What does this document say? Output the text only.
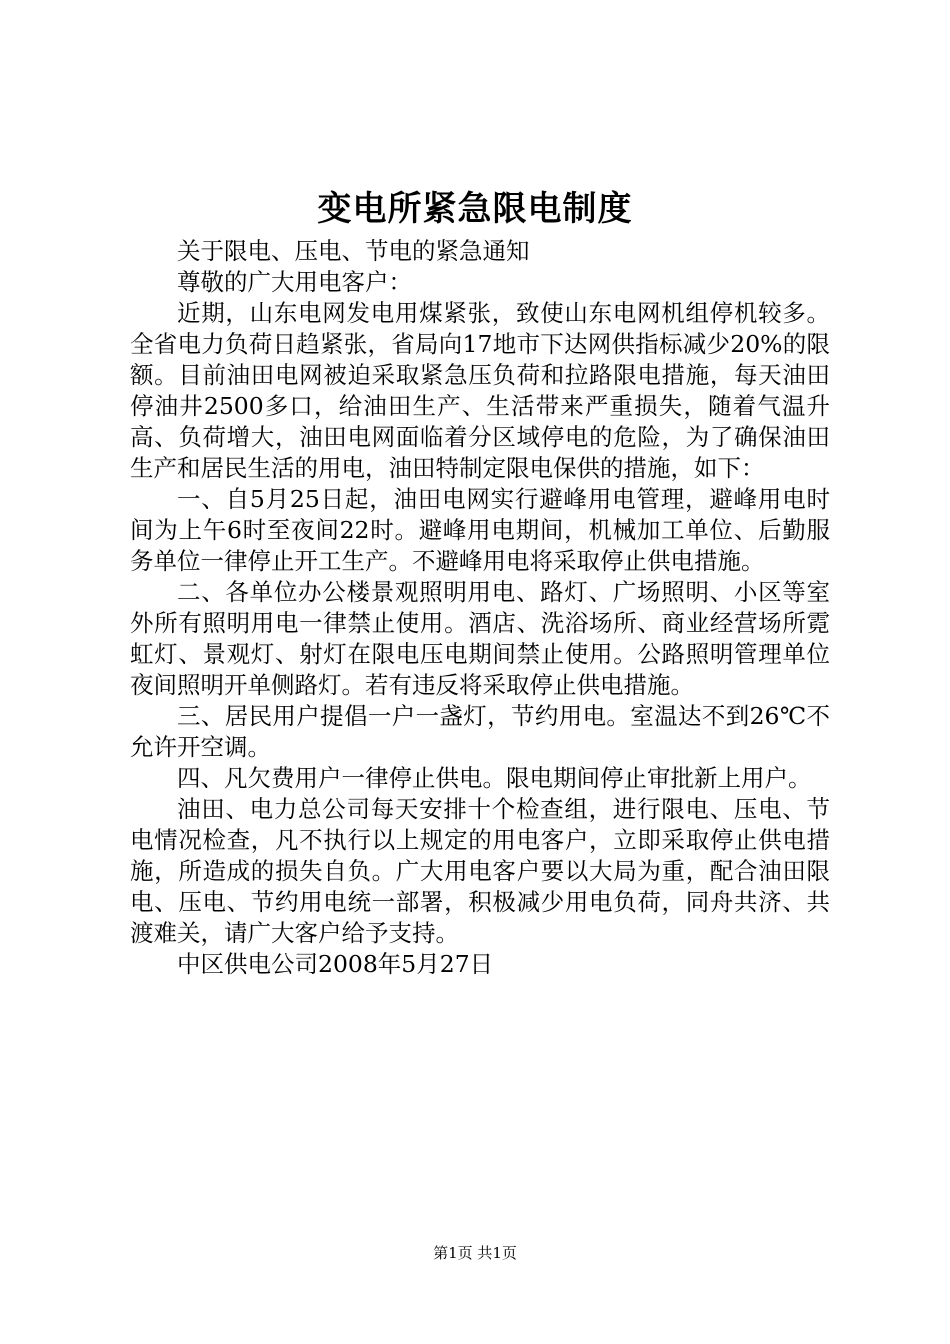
变电所紧急限电制度

关于限电、压电、节电的紧急通知

尊敬的广大用电客户：

近期，山东电网发电用煤紧张，致使山东电网机组停机较多。全省电力负荷日趋紧张，省局向17地市下达网供指标减少20%的限额。目前油田电网被迫采取紧急压负荷和拉路限电措施，每天油田停油井2500多口，给油田生产、生活带来严重损失，随着气温升高、负荷增大，油田电网面临着分区域停电的危险，为了确保油田生产和居民生活的用电，油田特制定限电保供的措施，如下：

一、自5月25日起，油田电网实行避峰用电管理，避峰用电时间为上午6时至夜间22时。避峰用电期间，机械加工单位、后勤服务单位一律停止开工生产。不避峰用电将采取停止供电措施。

二、各单位办公楼景观照明用电、路灯、广场照明、小区等室外所有照明用电一律禁止使用。酒店、洗浴场所、商业经营场所霓虹灯、景观灯、射灯在限电压电期间禁止使用。公路照明管理单位夜间照明开单侧路灯。若有违反将采取停止供电措施。

三、居民用户提倡一户一盏灯，节约用电。室温达不到26℃不允许开空调。

四、凡欠费用户一律停止供电。限电期间停止审批新上用户。

油田、电力总公司每天安排十个检查组，进行限电、压电、节电情况检查，凡不执行以上规定的用电客户，立即采取停止供电措施，所造成的损失自负。广大用电客户要以大局为重，配合油田限电、压电、节约用电统一部署，积极减少用电负荷，同舟共济、共渡难关，请广大客户给予支持。

中区供电公司2008年5月27日

第1页 共1页
